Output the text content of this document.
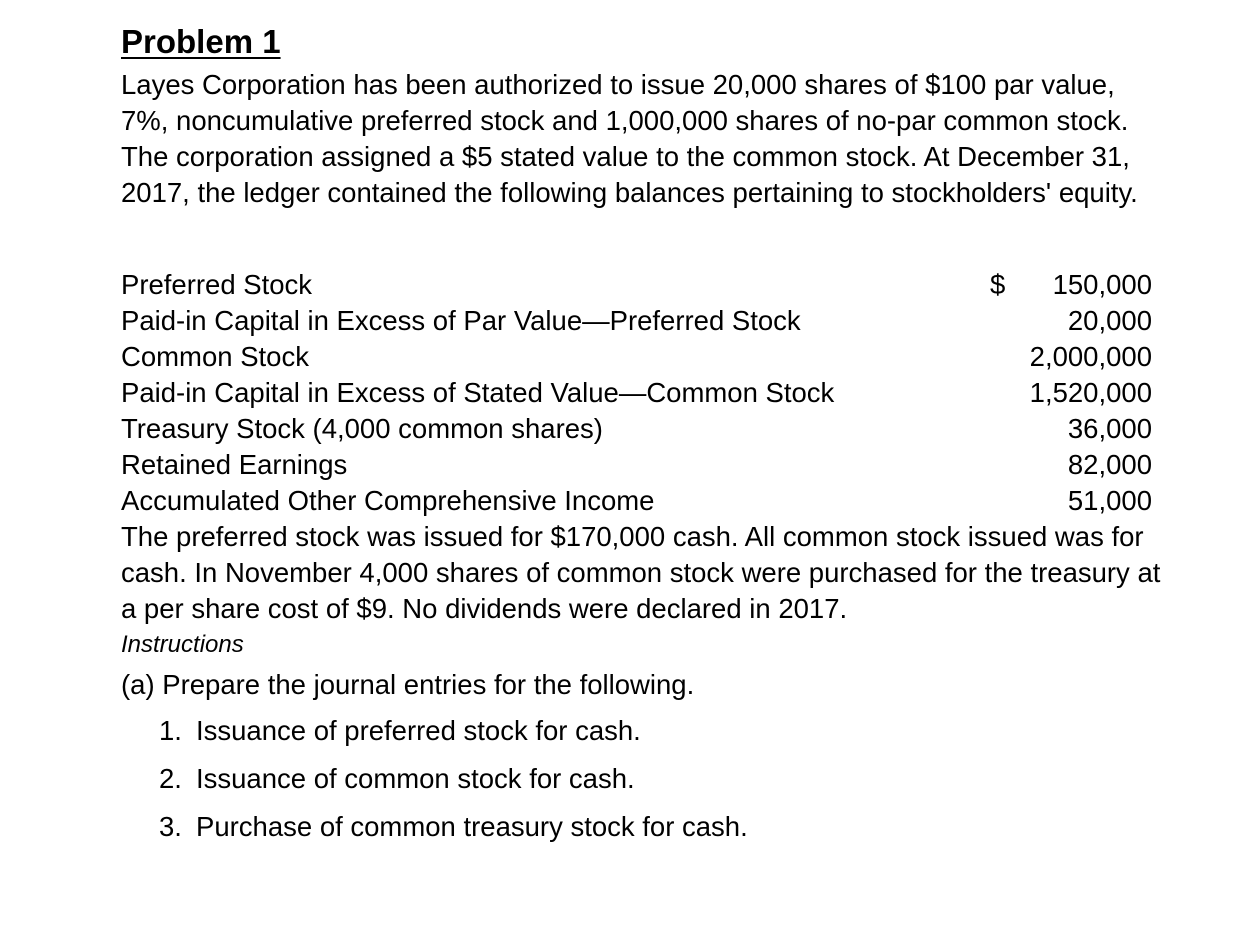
Problem 1

Layes Corporation has been authorized to issue 20,000 shares of $100 par value, 7%, noncumulative preferred stock and 1,000,000 shares of no-par common stock. The corporation assigned a $5 stated value to the common stock. At December 31, 2017, the ledger contained the following balances pertaining to stockholders' equity.

Preferred Stock	$	150,000
Paid-in Capital in Excess of Par Value—Preferred Stock	20,000
Common Stock	2,000,000
Paid-in Capital in Excess of Stated Value—Common Stock	1,520,000
Treasury Stock (4,000 common shares)	36,000
Retained Earnings	82,000
Accumulated Other Comprehensive Income	51,000

The preferred stock was issued for $170,000 cash. All common stock issued was for cash. In November 4,000 shares of common stock were purchased for the treasury at a per share cost of $9. No dividends were declared in 2017.

Instructions
(a) Prepare the journal entries for the following.
1. Issuance of preferred stock for cash.
2. Issuance of common stock for cash.
3. Purchase of common treasury stock for cash.
